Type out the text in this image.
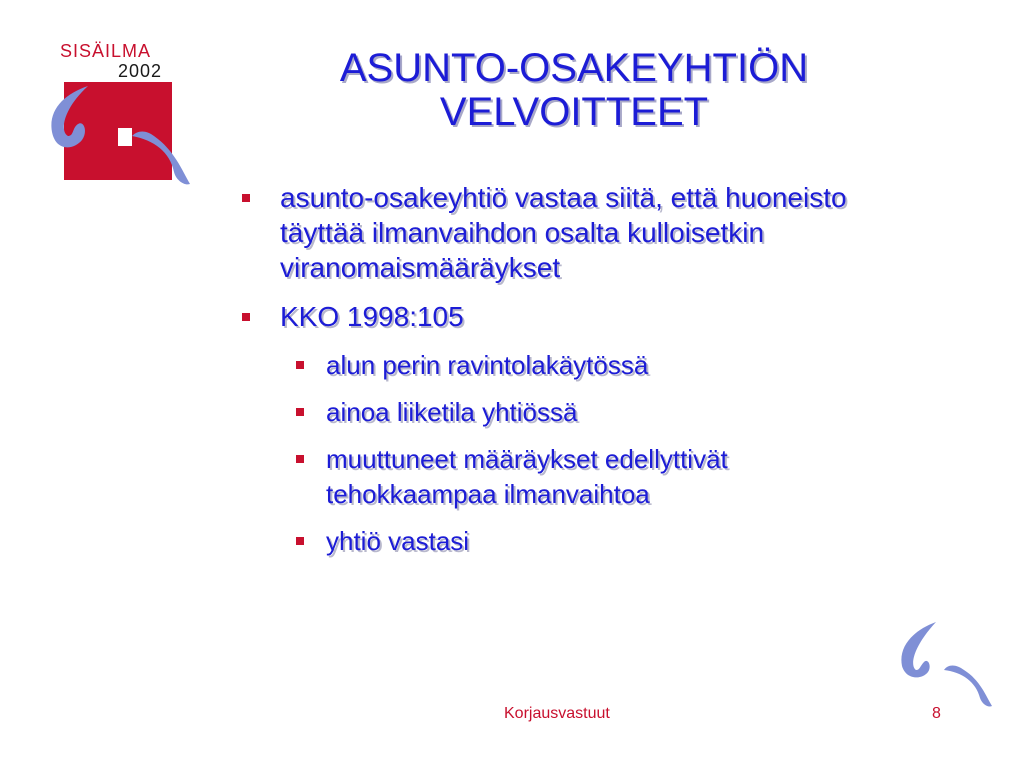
SISÄILMA
2002	ASUNTO-OSAKEYHTIÖN
VELVOITTEET
asunto-osakeyhtiö vastaa siitä, että huoneisto täyttää ilmanvaihdon osalta kulloisetkin viranomaismääräykset
KKO 1998:105
alun perin ravintolakäytössä
ainoa liiketila yhtiössä
muuttuneet määräykset edellyttivät tehokkaampaa ilmanvaihtoa
yhtiö vastasi
Korjausvastuut	8
